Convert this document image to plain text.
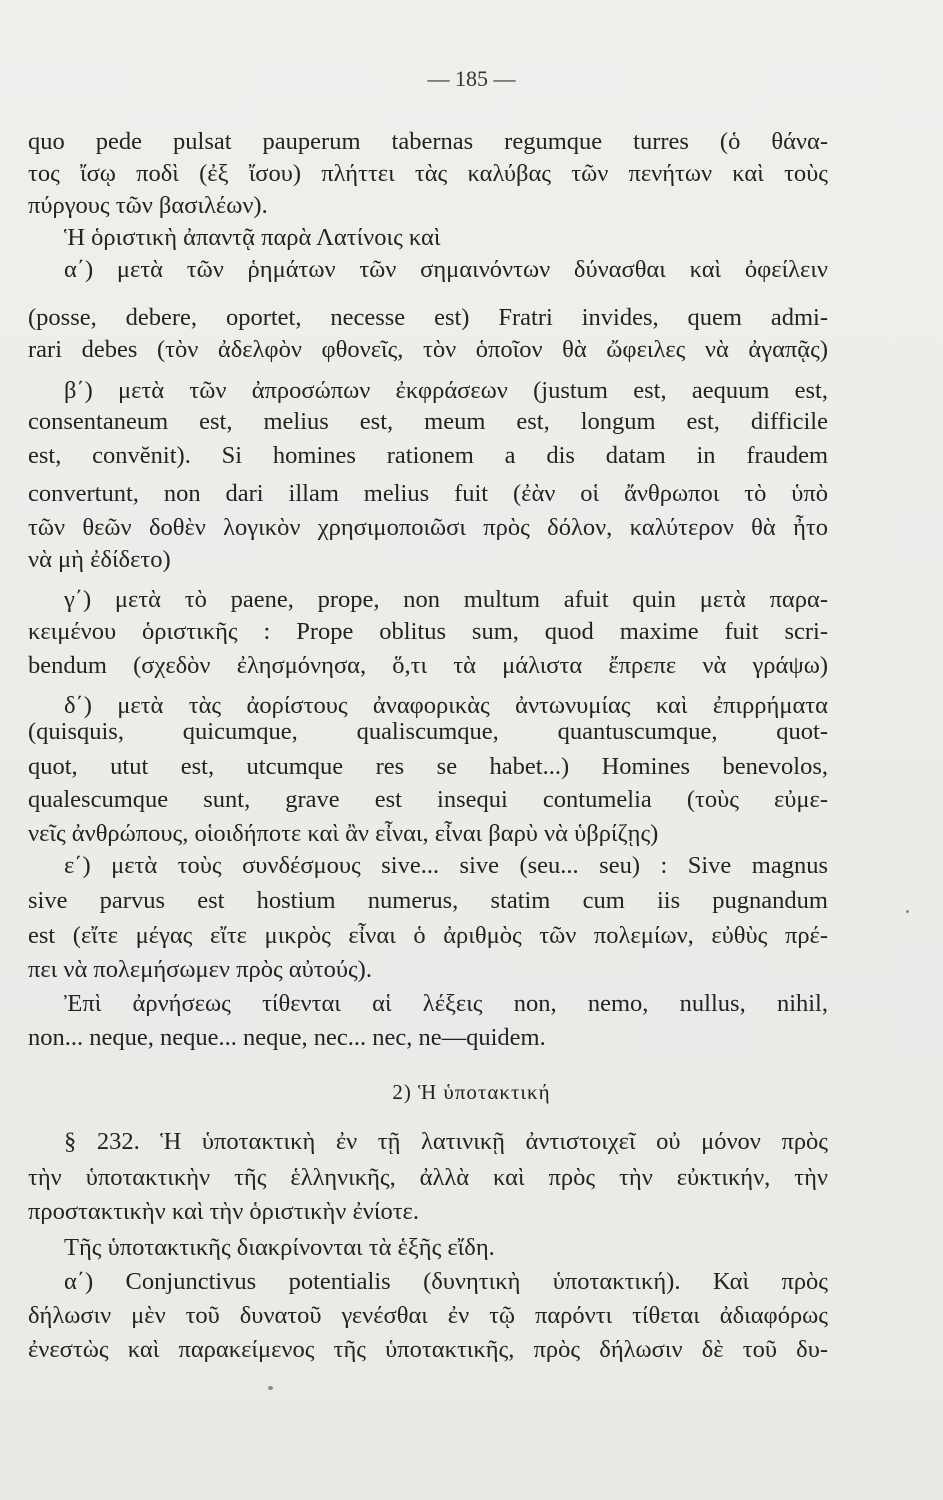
— 185 —
quo pede pulsat pauperum tabernas regumque turres (ὁ θάνα-
τος ἴσῳ ποδὶ (ἐξ ἴσου) πλήττει τὰς καλύβας τῶν πενήτων καὶ τοὺς
πύργους τῶν βασιλέων).
Ἡ ὁριστικὴ ἀπαντᾷ παρὰ Λατίνοις καὶ
α΄) μετὰ τῶν ῥημάτων τῶν σημαινόντων δύνασθαι καὶ ὀφείλειν
(posse, debere, oportet, necesse est) Fratri invides, quem admi-
rari debes (τὸν ἀδελφὸν φθονεῖς, τὸν ὁποῖον θὰ ὤφειλες νὰ ἀγαπᾷς)
β΄) μετὰ τῶν ἀπροσώπων ἐκφράσεων (justum est, aequum est,
consentaneum est, melius est, meum est, longum est, difficile
est, convĕnit). Si homines rationem a dis datam in fraudem
convertunt, non dari illam melius fuit (ἐὰν οἱ ἄνθρωποι τὸ ὑπὸ
τῶν θεῶν δοθὲν λογικὸν χρησιμοποιῶσι πρὸς δόλον, καλύτερον θὰ ἦτο
νὰ μὴ ἐδίδετο)
γ΄) μετὰ τὸ paene, prope, non multum afuit quin μετὰ παρα-
κειμένου ὁριστικῆς : Prope oblitus sum, quod maxime fuit scri-
bendum (σχεδὸν ἐλησμόνησα, ὅ,τι τὰ μάλιστα ἔπρεπε νὰ γράψω)
δ΄) μετὰ τὰς ἀορίστους ἀναφορικὰς ἀντωνυμίας καὶ ἐπιρρήματα
(quisquis, quicumque, qualiscumque, quantuscumque, quot-
quot, utut est, utcumque res se habet...) Homines benevolos,
qualescumque sunt, grave est insequi contumelia (τοὺς εὐμε-
νεῖς ἀνθρώπους, οἱοιδήποτε καὶ ἂν εἶναι, εἶναι βαρὺ νὰ ὑβρίζῃς)
ε΄) μετὰ τοὺς συνδέσμους sive... sive (seu... seu) : Sive magnus
sive parvus est hostium numerus, statim cum iis pugnandum
est (εἴτε μέγας εἴτε μικρὸς εἶναι ὁ ἀριθμὸς τῶν πολεμίων, εὐθὺς πρέ-
πει νὰ πολεμήσωμεν πρὸς αὐτούς).
Ἐπὶ ἀρνήσεως τίθενται αἱ λέξεις non, nemo, nullus, nihil,
non... neque, neque... neque, nec... nec, ne—quidem.
2) Ἡ ὑποτακτική
§ 232. Ἡ ὑποτακτικὴ ἐν τῇ λατινικῇ ἀντιστοιχεῖ οὐ μόνον πρὸς
τὴν ὑποτακτικὴν τῆς ἑλληνικῆς, ἀλλὰ καὶ πρὸς τὴν εὐκτικήν, τὴν
προστακτικὴν καὶ τὴν ὁριστικὴν ἐνίοτε.
Τῆς ὑποτακτικῆς διακρίνονται τὰ ἑξῆς εἴδη.
α΄) Conjunctivus potentialis (δυνητικὴ ὑποτακτική). Καὶ πρὸς
δήλωσιν μὲν τοῦ δυνατοῦ γενέσθαι ἐν τῷ παρόντι τίθεται ἀδιαφόρως
ἐνεστὼς καὶ παρακείμενος τῆς ὑποτακτικῆς, πρὸς δήλωσιν δὲ τοῦ δυ-
